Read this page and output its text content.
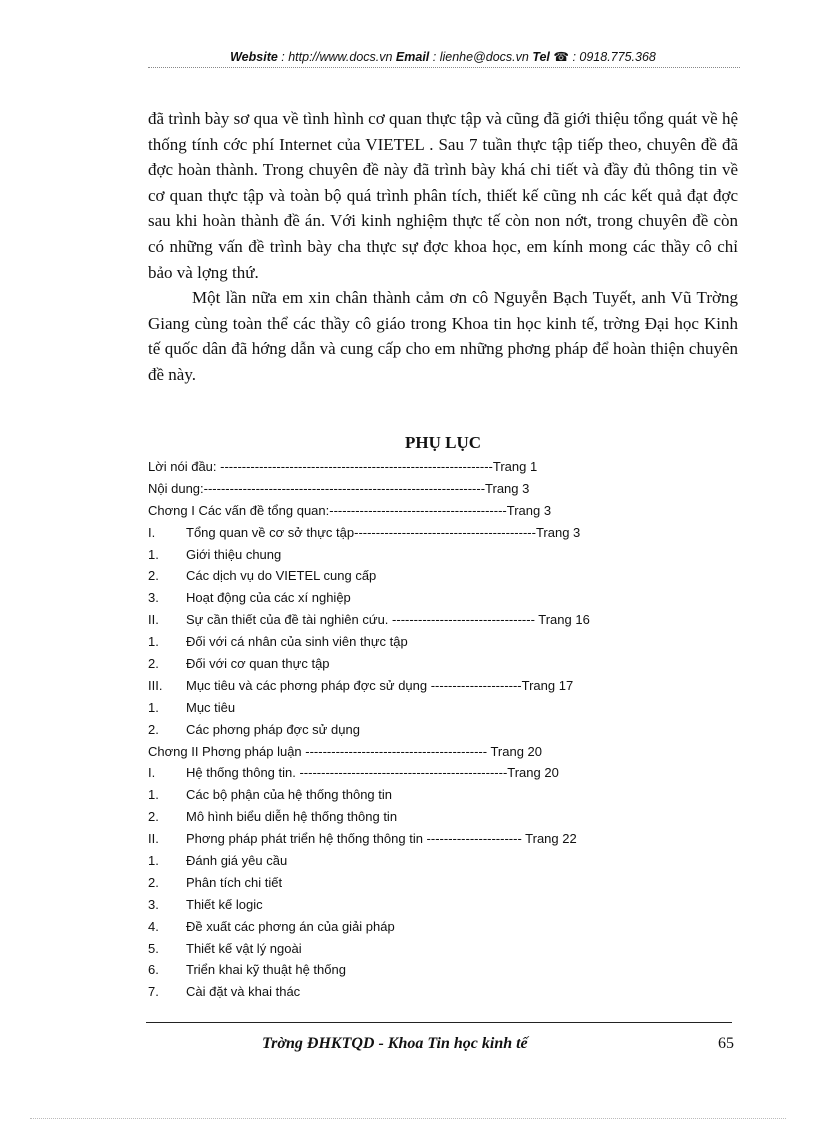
Website : http://www.docs.vn Email : lienhe@docs.vn Tel ☎ : 0918.775.368

đã trình bày sơ qua về tình hình cơ quan thực tập và cũng đã giới thiệu tổng quát về hệ thống tính cớc phí Internet của VIETEL . Sau 7 tuần thực tập tiếp theo, chuyên đề đã đợc hoàn thành. Trong chuyên đề này đã trình bày khá chi tiết và đầy đủ thông tin về cơ quan thực tập và toàn bộ quá trình phân tích, thiết kế cũng nh các kết quả đạt đợc sau khi hoàn thành đề án. Với kinh nghiệm thực tế còn non nớt, trong chuyên đề còn có những vấn đề trình bày cha thực sự đợc khoa học, em kính mong các thầy cô chỉ bảo và lợng thứ.

Một lần nữa em xin chân thành cảm ơn cô Nguyễn Bạch Tuyết, anh Vũ Trờng Giang cùng toàn thể các thầy cô giáo trong Khoa tin học kinh tế, trờng Đại học Kinh tế quốc dân đã hớng dẫn và cung cấp cho em những phơng pháp để hoàn thiện chuyên đề này.

PHỤ LỤC
Lời nói đầu: ---------------------------------------------------------------Trang 1
Nội dung:-----------------------------------------------------------------Trang 3
Chơng I Các vấn đề tổng quan:-----------------------------------------Trang 3
I. Tổng quan về cơ sở thực tập------------------------------------------Trang 3
1. Giới thiệu chung
2. Các dịch vụ do VIETEL cung cấp
3. Hoạt động của các xí nghiệp
II. Sự cần thiết của đề tài nghiên cứu. --------------------------------- Trang 16
1. Đối với cá nhân của sinh viên thực tập
2. Đối với cơ quan thực tập
III. Mục tiêu và các phơng pháp đợc sử dụng ---------------------Trang 17
1. Mục tiêu
2. Các phơng pháp đợc sử dụng
Chơng II Phơng pháp luận ------------------------------------------ Trang 20
I. Hệ thống thông tin. ------------------------------------------------Trang 20
1. Các bộ phận của hệ thống thông tin
2. Mô hình biểu diễn hệ thống thông tin
II. Phơng pháp phát triển hệ thống thông tin ---------------------- Trang 22
1. Đánh giá yêu cầu
2. Phân tích chi tiết
3. Thiết kế logic
4. Đề xuất các phơng án của giải pháp
5. Thiết kế vật lý ngoài
6. Triển khai kỹ thuật hệ thống
7. Cài đặt và khai thác
Trờng ĐHKTQD - Khoa Tin học kinh tế	65
